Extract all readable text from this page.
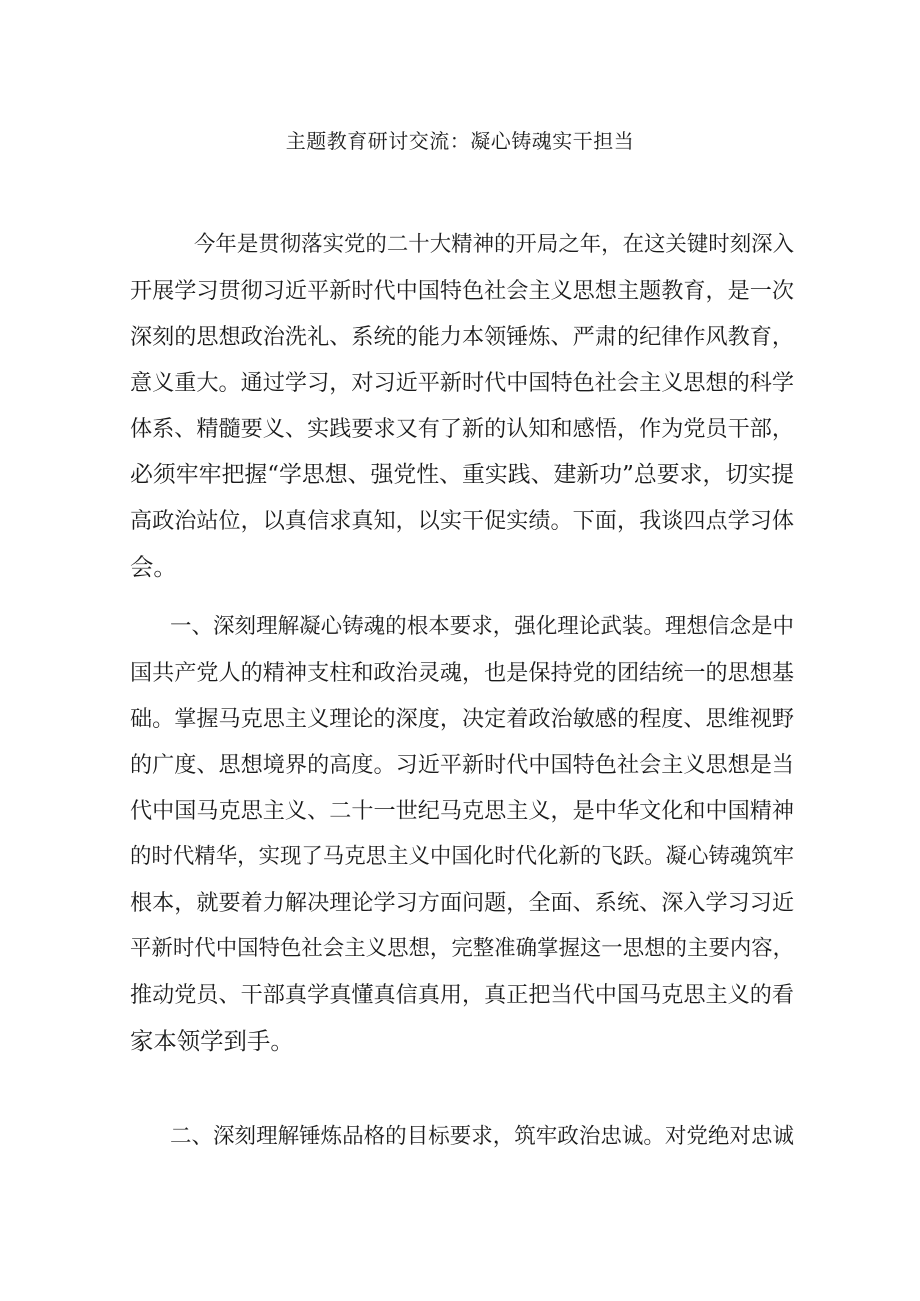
主题教育研讨交流：凝心铸魂实干担当

今年是贯彻落实党的二十大精神的开局之年，在这关键时刻深入

开展学习贯彻习近平新时代中国特色社会主义思想主题教育，是一次

深刻的思想政治洗礼、系统的能力本领锤炼、严肃的纪律作风教育，

意义重大。通过学习，对习近平新时代中国特色社会主义思想的科学

体系、精髓要义、实践要求又有了新的认知和感悟，作为党员干部，

必须牢牢把握“学思想、强党性、重实践、建新功”总要求，切实提

高政治站位，以真信求真知，以实干促实绩。下面，我谈四点学习体

会。

一、深刻理解凝心铸魂的根本要求，强化理论武装。理想信念是中

国共产党人的精神支柱和政治灵魂，也是保持党的团结统一的思想基

础。掌握马克思主义理论的深度，决定着政治敏感的程度、思维视野

的广度、思想境界的高度。习近平新时代中国特色社会主义思想是当

代中国马克思主义、二十一世纪马克思主义，是中华文化和中国精神

的时代精华，实现了马克思主义中国化时代化新的飞跃。凝心铸魂筑牢

根本，就要着力解决理论学习方面问题，全面、系统、深入学习习近

平新时代中国特色社会主义思想，完整准确掌握这一思想的主要内容，

推动党员、干部真学真懂真信真用，真正把当代中国马克思主义的看

家本领学到手。

二、深刻理解锤炼品格的目标要求，筑牢政治忠诚。对党绝对忠诚
